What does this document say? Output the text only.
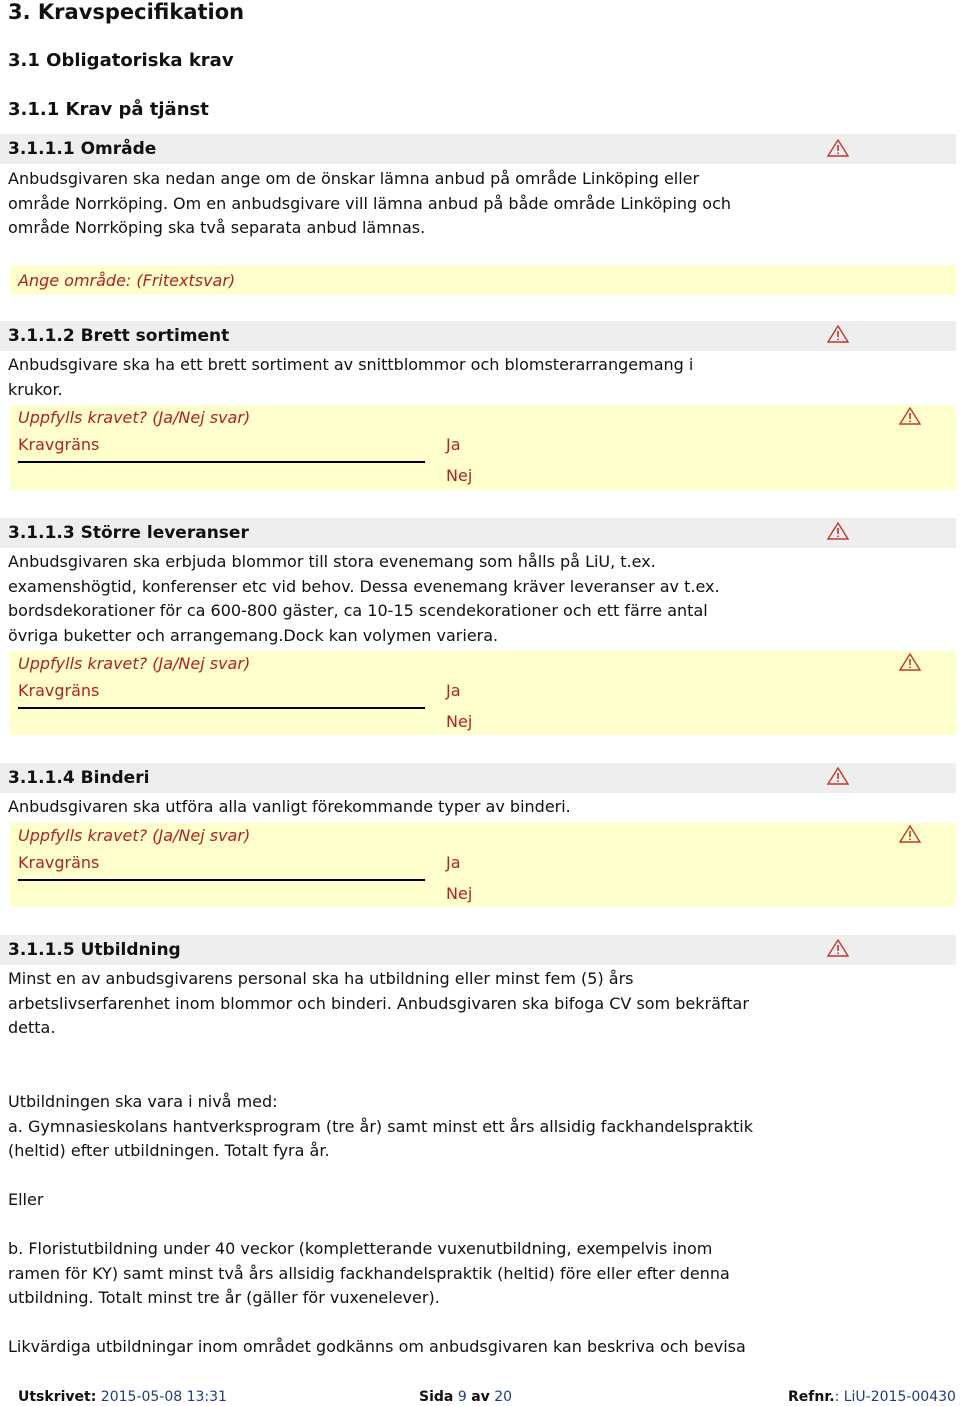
3. Kravspecifikation
3.1 Obligatoriska krav
3.1.1 Krav på tjänst
3.1.1.1 Område
Anbudsgivaren ska nedan ange om de önskar lämna anbud på område Linköping eller
område Norrköping. Om en anbudsgivare vill lämna anbud på både område Linköping och
område Norrköping ska två separata anbud lämnas.
Ange område: (Fritextsvar)
3.1.1.2 Brett sortiment
Anbudsgivare ska ha ett brett sortiment av snittblommor och blomsterarrangemang i
krukor.
Uppfylls kravet? (Ja/Nej svar)
Kravgräns	Ja
Nej
3.1.1.3 Större leveranser
Anbudsgivaren ska erbjuda blommor till stora evenemang som hålls på LiU, t.ex.
examenshögtid, konferenser etc vid behov. Dessa evenemang kräver leveranser av t.ex.
bordsdekorationer för ca 600-800 gäster, ca 10-15 scendekorationer och ett färre antal
övriga buketter och arrangemang.Dock kan volymen variera.
Uppfylls kravet? (Ja/Nej svar)
Kravgräns	Ja
Nej
3.1.1.4 Binderi
Anbudsgivaren ska utföra alla vanligt förekommande typer av binderi.
Uppfylls kravet? (Ja/Nej svar)
Kravgräns	Ja
Nej
3.1.1.5 Utbildning
Minst en av anbudsgivarens personal ska ha utbildning eller minst fem (5) års
arbetslivserfarenhet inom blommor och binderi. Anbudsgivaren ska bifoga CV som bekräftar
detta.
Utbildningen ska vara i nivå med:
a. Gymnasieskolans hantverksprogram (tre år) samt minst ett års allsidig fackhandelspraktik
(heltid) efter utbildningen. Totalt fyra år.
Eller
b. Floristutbildning under 40 veckor (kompletterande vuxenutbildning, exempelvis inom
ramen för KY) samt minst två års allsidig fackhandelspraktik (heltid) före eller efter denna
utbildning. Totalt minst tre år (gäller för vuxenelever).
Likvärdiga utbildningar inom området godkänns om anbudsgivaren kan beskriva och bevisa
Utskrivet: 2015-05-08 13:31	Sida 9 av 20	Refnr.: LiU-2015-00430
